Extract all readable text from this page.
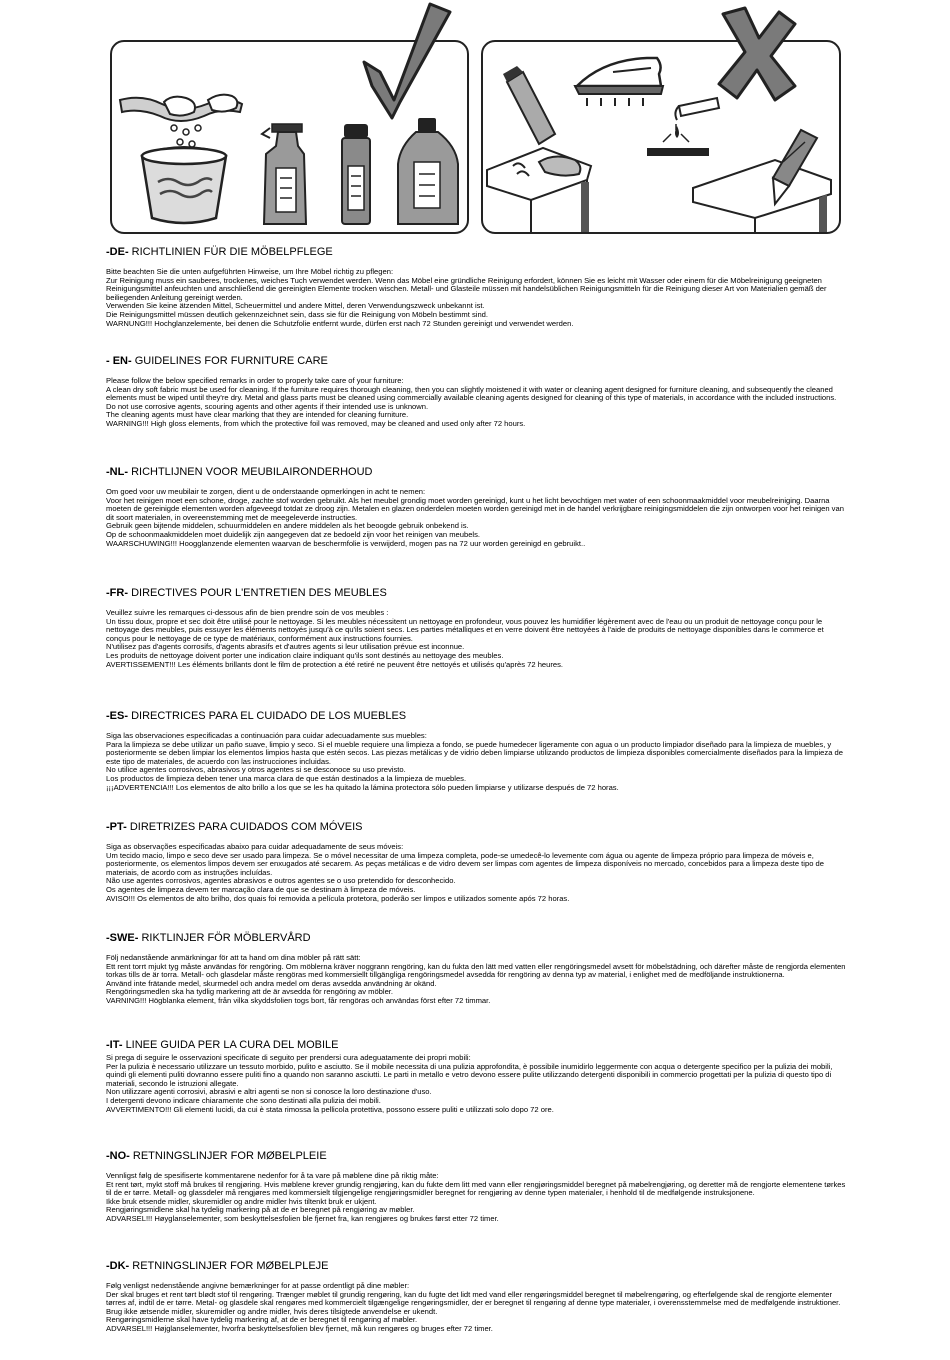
-DE- RICHTLINIEN FÜR DIE MÖBELPFLEGE
Bitte beachten Sie die unten aufgeführten Hinweise, um Ihre Möbel richtig zu pflegen:
Zur Reinigung muss ein sauberes, trockenes, weiches Tuch verwendet werden. Wenn das Möbel eine gründliche Reinigung erfordert, können Sie es leicht mit Wasser oder einem für die Möbelreinigung geeigneten Reinigungsmittel anfeuchten und anschließend die gereinigten Elemente trocken wischen. Metall- und Glasteile müssen mit handelsüblichen Reinigungsmitteln für die Reinigung dieser Art von Materialien gemäß der beiliegenden Anleitung gereinigt werden.
Verwenden Sie keine ätzenden Mittel, Scheuermittel und andere Mittel, deren Verwendungszweck unbekannt ist.
Die Reinigungsmittel müssen deutlich gekennzeichnet sein, dass sie für die Reinigung von Möbeln bestimmt sind.
WARNUNG!!! Hochglanzelemente, bei denen die Schutzfolie entfernt wurde, dürfen erst nach 72 Stunden gereinigt und verwendet werden.
- EN- GUIDELINES FOR FURNITURE CARE
Please follow the below specified remarks in order to properly take care of your furniture:
A clean dry soft fabric must be used for cleaning. If the furniture requires thorough cleaning, then you can slightly moistened it with water or cleaning agent designed for furniture cleaning, and subsequently the cleaned elements must be wiped until they're dry. Metal and glass parts must be cleaned using commercially available cleaning agents designed for cleaning of this type of materials, in accordance with the included instructions.
Do not use corrosive agents, scouring agents and other agents if their intended use is unknown.
The cleaning agents must have clear marking that they are intended for cleaning furniture.
WARNING!!! High gloss elements, from which the protective foil was removed, may be cleaned and used only after 72 hours.
-NL- RICHTLIJNEN VOOR MEUBILAIRONDERHOUD
Om goed voor uw meubilair te zorgen, dient u de onderstaande opmerkingen in acht te nemen:
Voor het reinigen moet een schone, droge, zachte stof worden gebruikt. Als het meubel grondig moet worden gereinigd, kunt u het licht bevochtigen met water of een schoonmaakmiddel voor meubelreiniging. Daarna moeten de gereinigde elementen worden afgeveegd totdat ze droog zijn. Metalen en glazen onderdelen moeten worden gereinigd met in de handel verkrijgbare reinigingsmiddelen die zijn ontworpen voor het reinigen van dit soort materialen, in overeenstemming met de meegeleverde instructies.
Gebruik geen bijtende middelen, schuurmiddelen en andere middelen als het beoogde gebruik onbekend is.
Op de schoonmaakmiddelen moet duidelijk zijn aangegeven dat ze bedoeld zijn voor het reinigen van meubels.
WAARSCHUWING!!! Hoogglanzende elementen waarvan de beschermfolie is verwijderd, mogen pas na 72 uur worden gereinigd en gebruikt..
-FR- DIRECTIVES POUR L'ENTRETIEN DES MEUBLES
Veuillez suivre les remarques ci-dessous afin de bien prendre soin de vos meubles :
Un tissu doux, propre et sec doit être utilisé pour le nettoyage. Si les meubles nécessitent un nettoyage en profondeur, vous pouvez les humidifier légèrement avec de l'eau ou un produit de nettoyage conçu pour le nettoyage des meubles, puis essuyer les éléments nettoyés jusqu'à ce qu'ils soient secs. Les parties métalliques et en verre doivent être nettoyées à l'aide de produits de nettoyage disponibles dans le commerce et conçus pour le nettoyage de ce type de matériaux, conformément aux instructions fournies.
N'utilisez pas d'agents corrosifs, d'agents abrasifs et d'autres agents si leur utilisation prévue est inconnue.
Les produits de nettoyage doivent porter une indication claire indiquant qu'ils sont destinés au nettoyage des meubles.
AVERTISSEMENT!!! Les éléments brillants dont le film de protection a été retiré ne peuvent être nettoyés et utilisés qu'après 72 heures.
-ES- DIRECTRICES PARA EL CUIDADO DE LOS MUEBLES
Siga las observaciones especificadas a continuación para cuidar adecuadamente sus muebles:
Para la limpieza se debe utilizar un paño suave, limpio y seco. Si el mueble requiere una limpieza a fondo, se puede humedecer ligeramente con agua o un producto limpiador diseñado para la limpieza de muebles, y posteriormente se deben limpiar los elementos limpios hasta que estén secos. Las piezas metálicas y de vidrio deben limpiarse utilizando productos de limpieza disponibles comercialmente diseñados para la limpieza de este tipo de materiales, de acuerdo con las instrucciones incluidas.
No utilice agentes corrosivos, abrasivos y otros agentes si se desconoce su uso previsto.
Los productos de limpieza deben tener una marca clara de que están destinados a la limpieza de muebles.
¡¡¡ADVERTENCIA!!! Los elementos de alto brillo a los que se les ha quitado la lámina protectora sólo pueden limpiarse y utilizarse después de 72 horas.
-PT- DIRETRIZES PARA CUIDADOS COM MÓVEIS
Siga as observações especificadas abaixo para cuidar adequadamente de seus móveis:
Um tecido macio, limpo e seco deve ser usado para limpeza. Se o móvel necessitar de uma limpeza completa, pode-se umedecê-lo levemente com água ou agente de limpeza próprio para limpeza de móveis e, posteriormente, os elementos limpos devem ser enxugados até secarem. As peças metálicas e de vidro devem ser limpas com agentes de limpeza disponíveis no mercado, concebidos para a limpeza deste tipo de materiais, de acordo com as instruções incluídas.
Não use agentes corrosivos, agentes abrasivos e outros agentes se o uso pretendido for desconhecido.
Os agentes de limpeza devem ter marcação clara de que se destinam à limpeza de móveis.
AVISO!!! Os elementos de alto brilho, dos quais foi removida a película protetora, poderão ser limpos e utilizados somente após 72 horas.
-SWE- RIKTLINJER FÖR MÖBLERVÅRD
Följ nedanstående anmärkningar för att ta hand om dina möbler på rätt sätt:
Ett rent torrt mjukt tyg måste användas för rengöring. Om möblerna kräver noggrann rengöring, kan du fukta den lätt med vatten eller rengöringsmedel avsett för möbelstädning, och därefter måste de rengjorda elementen torkas tills de är torra. Metall- och glasdelar måste rengöras med kommersiellt tillgängliga rengöringsmedel avsedda för rengöring av denna typ av material, i enlighet med de medföljande instruktionerna.
Använd inte frätande medel, skurmedel och andra medel om deras avsedda användning är okänd.
Rengöringsmedlen ska ha tydlig markering att de är avsedda för rengöring av möbler.
VARNING!!! Högblanka element, från vilka skyddsfolien togs bort, får rengöras och användas först efter 72 timmar.
-IT- LINEE GUIDA PER LA CURA DEL MOBILE
Si prega di seguire le osservazioni specificate di seguito per prendersi cura adeguatamente dei propri mobili:
Per la pulizia è necessario utilizzare un tessuto morbido, pulito e asciutto. Se il mobile necessita di una pulizia approfondita, è possibile inumidirlo leggermente con acqua o detergente specifico per la pulizia dei mobili, quindi gli elementi puliti dovranno essere puliti fino a quando non saranno asciutti. Le parti in metallo e vetro devono essere pulite utilizzando detergenti disponibili in commercio progettati per la pulizia di questo tipo di materiali, secondo le istruzioni allegate.
Non utilizzare agenti corrosivi, abrasivi e altri agenti se non si conosce la loro destinazione d'uso.
I detergenti devono indicare chiaramente che sono destinati alla pulizia dei mobili.
AVVERTIMENTO!!! Gli elementi lucidi, da cui è stata rimossa la pellicola protettiva, possono essere puliti e utilizzati solo dopo 72 ore.
-NO- RETNINGSLINJER FOR MØBELPLEIE
Vennligst følg de spesifiserte kommentarene nedenfor for å ta vare på møblene dine på riktig måte:
Et rent tørt, mykt stoff må brukes til rengjøring. Hvis møblene krever grundig rengjøring, kan du fukte dem litt med vann eller rengjøringsmiddel beregnet på møbelrengjøring, og deretter må de rengjorte elementene tørkes til de er tørre. Metall- og glassdeler må rengjøres med kommersielt tilgjengelige rengjøringsmidler beregnet for rengjøring av denne typen materialer, i henhold til de medfølgende instruksjonene.
Ikke bruk etsende midler, skuremidler og andre midler hvis tiltenkt bruk er ukjent.
Rengjøringsmidlene skal ha tydelig markering på at de er beregnet på rengjøring av møbler.
ADVARSEL!!! Høyglanselementer, som beskyttelsesfolien ble fjernet fra, kan rengjøres og brukes først etter 72 timer.
-DK- RETNINGSLINJER FOR MØBELPLEJE
Følg venligst nedenstående angivne bemærkninger for at passe ordentligt på dine møbler:
Der skal bruges et rent tørt blødt stof til rengøring. Trænger møblet til grundig rengøring, kan du fugte det lidt med vand eller rengøringsmiddel beregnet til møbelrengøring, og efterfølgende skal de rengjorte elementer tørres af, indtil de er tørre. Metal- og glasdele skal rengøres med kommercielt tilgængelige rengøringsmidler, der er beregnet til rengøring af denne type materialer, i overensstemmelse med de medfølgende instruktioner.
Brug ikke ætsende midler, skuremidler og andre midler, hvis deres tilsigtede anvendelse er ukendt.
Rengøringsmidlerne skal have tydelig markering af, at de er beregnet til rengøring af møbler.
ADVARSEL!!! Højglanselementer, hvorfra beskyttelsesfolien blev fjernet, må kun rengøres og bruges efter 72 timer.
